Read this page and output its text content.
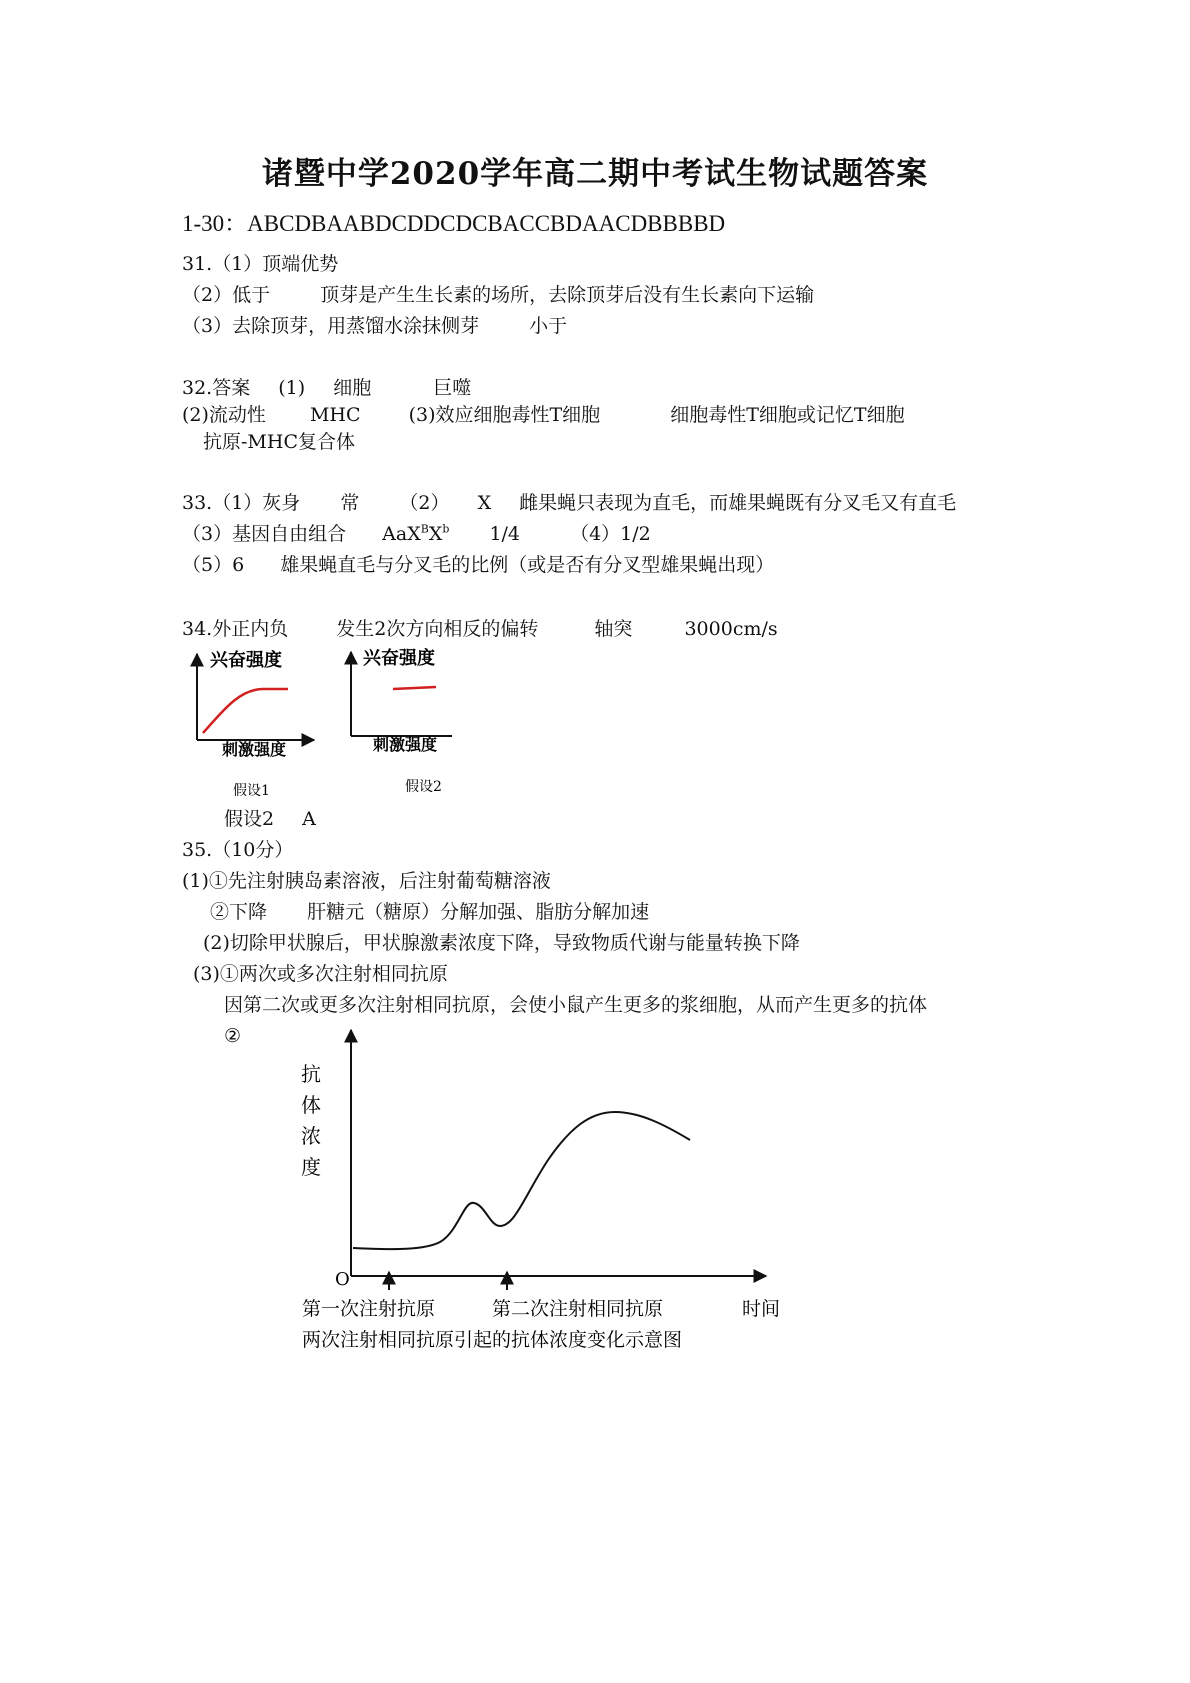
诸暨中学2020学年高二期中考试生物试题答案
1-30：ABCDBAABDCDDCDCBACCBDAACDBBBBD
31.（1）顶端优势
（2）低于	顶芽是产生生长素的场所，去除顶芽后没有生长素向下运输
（3）去除顶芽，用蒸馏水涂抹侧芽	小于
32.答案 (1) 细胞	巨噬
(2)流动性 MHC	(3)效应细胞毒性T细胞	细胞毒性T细胞或记忆T细胞
抗原-MHC复合体
33.（1）灰身 常 （2） X 雌果蝇只表现为直毛，而雄果蝇既有分叉毛又有直毛
（3）基因自由组合 $AaX^BX^b$ 1/4	（4）1/2
（5）6 雄果蝇直毛与分叉毛的比例（或是否有分叉型雄果蝇出现）
34.外正内负	发生2次方向相反的偏转	轴突	3000cm/s
兴奋强度
刺激强度
假设1
兴奋强度
刺激强度
假设2
O
抗
体
浓
度
第一次注射抗原	第二次注射相同抗原	时间
两次注射相同抗原引起的抗体浓度变化示意图
假设2 A
35.（10分）
(1)①先注射胰岛素溶液，后注射葡萄糖溶液
②下降 肝糖元（糖原）分解加强、脂肪分解加速
(2)切除甲状腺后，甲状腺激素浓度下降，导致物质代谢与能量转换下降
(3)①两次或多次注射相同抗原
因第二次或更多次注射相同抗原，会使小鼠产生更多的浆细胞，从而产生更多的抗体
②
